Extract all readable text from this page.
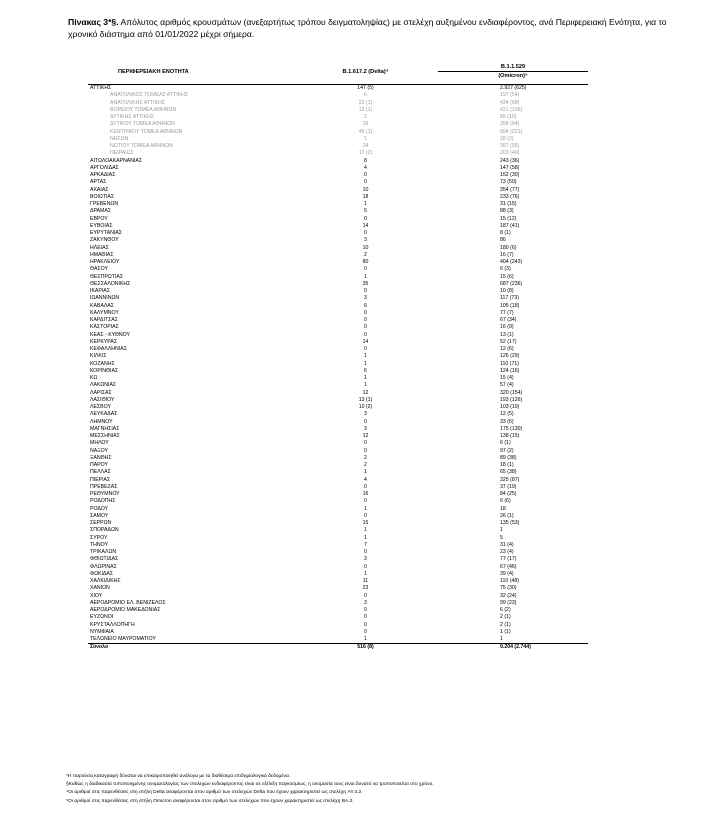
Πίνακας 3*§. Απόλυτος αριθμός κρουσμάτων (ανεξαρτήτως τρόπου δειγματοληψίας) με στελέχη αυξημένου ενδιαφέροντος, ανά Περιφερειακή Ενότητα, για το χρονικό διάστημα από 01/01/2022 μέχρι σήμερα.
ΠΕΡΙΦΕΡΕΙΑΚΗ ΕΝΟΤΗΤΑ	B.1.617.2 (Delta)⁴	B.1.1.529
(Omicron)⁵

ΑΤΤΙΚΗΣ	147 (5)	2.927 (625)
ΑΝΑΤΟΛΙΚΟΣ ΤΟΜΕΑΣ ΑΤΤΙΚΗΣ	6	197 (54)
ΑΝΑΤΟΛΙΚΗΣ ΑΤΤΙΚΗΣ	23 (1)	434 (68)
ΒΟΡΕΙΟΥ ΤΟΜΕΑ ΑΘΗΝΩΝ	12 (1)	421 (106)
ΔΥΤΙΚΗΣ ΑΤΤΙΚΗΣ	2	65 (15)
ΔΥΤΙΚΟΥ ΤΟΜΕΑ ΑΘΗΝΩΝ	16	258 (64)
ΚΕΝΤΡΙΚΟΥ ΤΟΜΕΑ ΑΘΗΝΩΝ	46 (1)	994 (221)
ΝΗΣΩΝ	1	28 (2)
ΝΟΤΙΟΥ ΤΟΜΕΑ ΑΘΗΝΩΝ	24	367 (55)
ΠΕΙΡΑΙΩΣ	17 (2)	203 (40)
ΑΙΤΩΛΟΑΚΑΡΝΑΝΙΑΣ	8	243 (36)
ΑΡΓΟΛΙΔΑΣ	4	147 (58)
ΑΡΚΑΔΙΑΣ	0	152 (30)
ΑΡΤΑΣ	0	73 (50)
ΑΧΑΪΑΣ	10	354 (77)
ΒΟΙΩΤΙΑΣ	18	233 (76)
ΓΡΕΒΕΝΩΝ	1	31 (15)
ΔΡΑΜΑΣ	5	88 (3)
ΕΒΡΟΥ	0	15 (12)
ΕΥΒΟΙΑΣ	14	187 (41)
ΕΥΡΥΤΑΝΙΑΣ	0	8 (1)
ΖΑΚΥΝΘΟΥ	3	86
ΗΛΕΙΑΣ	10	180 (6)
ΗΜΑΘΙΑΣ	2	16 (7)
ΗΡΑΚΛΕΙΟΥ	80	404 (243)
ΘΑΣΟΥ	0	6 (3)
ΘΕΣΠΡΩΤΙΑΣ	1	15 (6)
ΘΕΣΣΑΛΟΝΙΚΗΣ	35	687 (236)
ΙΚΑΡΙΑΣ	0	10 (8)
ΙΩΑΝΝΙΝΩΝ	3	117 (73)
ΚΑΒΑΛΑΣ	6	105 (18)
ΚΑΛΥΜΝΟΥ	0	77 (7)
ΚΑΡΔΙΤΣΑΣ	0	67 (34)
ΚΑΣΤΟΡΙΑΣ	0	16 (9)
ΚΕΑΣ - ΚΥΘΝΟΥ	0	13 (1)
ΚΕΡΚΥΡΑΣ	14	52 (17)
ΚΕΦΑΛΛΗΝΙΑΣ	0	12 (6)
ΚΙΛΚΙΣ	1	126 (29)
ΚΟΖΑΝΗΣ	1	110 (71)
ΚΟΡΙΝΘΙΑΣ	6	124 (16)
ΚΩ	1	15 (4)
ΛΑΚΩΝΙΑΣ	1	57 (4)
ΛΑΡΙΣΑΣ	12	320 (154)
ΛΑΣΙΘΙΟΥ	13 (1)	193 (126)
ΛΕΣΒΟΥ	10 (2)	103 (10)
ΛΕΥΚΑΔΑΣ	3	12 (5)
ΛΗΜΝΟΥ	0	33 (6)
ΜΑΓΝΗΣΙΑΣ	3	175 (130)
ΜΕΣΣΗΝΙΑΣ	12	138 (15)
ΜΗΛΟΥ	0	6 (1)
ΝΑΞΟΥ	0	97 (2)
ΞΑΝΘΗΣ	2	89 (38)
ΠΑΡΟΥ	2	18 (1)
ΠΕΛΛΑΣ	1	65 (38)
ΠΙΕΡΙΑΣ	4	325 (87)
ΠΡΕΒΕΖΑΣ	0	37 (19)
ΡΕΘΥΜΝΟΥ	16	84 (25)
ΡΟΔΟΠΗΣ	0	6 (6)
ΡΟΔΟΥ	1	18
ΣΑΜΟΥ	0	26 (1)
ΣΕΡΡΩΝ	15	135 (53)
ΣΠΟΡΑΔΩΝ	1	1
ΣΥΡΟΥ	1	5
ΤΗΝΟΥ	7	31 (4)
ΤΡΙΚΑΛΩΝ	0	23 (4)
ΦΘΙΩΤΙΔΑΣ	3	77 (17)
ΦΛΩΡΙΝΑΣ	0	67 (46)
ΦΩΚΙΔΑΣ	1	39 (4)
ΧΑΛΚΙΔΙΚΗΣ	11	110 (48)
ΧΑΝΙΩΝ	23	75 (30)
ΧΙΟΥ	0	32 (24)
ΑΕΡΟΔΡΟΜΙΟ ΕΛ. ΒΕΝΙΖΕΛΟΣ	3	99 (23)
ΑΕΡΟΔΡΟΜΙΟ ΜΑΚΕΔΟΝΙΑΣ	0	6 (2)
ΕΥΖΩΝΟΙ	0	2 (1)
ΚΡΥΣΤΑΛΛΟΠΗΓΗ	0	2 (1)
ΝΥΜΦΑΙΑ	0	1 (1)
ΤΕΛΩΝΕΙΟ ΜΑΥΡΟΜΑΤΙΟΥ	1	1
Σύνολο	516 (8)	9.204 (2.744)
*Η παρούσα καταγραφή δύναται να επικαιροποιηθεί ανάλογα με τα διαθέσιμα επιδημιολογικά δεδομένα.
§Καθώς η διαδικασία τυποποιημένης ονοματολογίας των στελεχών ενδιαφέροντος είναι σε εξέλιξη παγκοσμίως, η ονομασία τους είναι δυνατό να τροποποιείται στο χρόνο.
⁴Οι αριθμοί στις παρενθέσεις στη στήλη Delta αναφέρονται στον αριθμό των στελεχών Delta που έχουν χαρακτηριστεί ως στελέχη AY.4.2.
⁵Οι αριθμοί στις παρενθέσεις στη στήλη Omicron αναφέρονται στον αριθμό των στελεχών που έχουν χαρακτηριστεί ως στελέχη BA.2.
